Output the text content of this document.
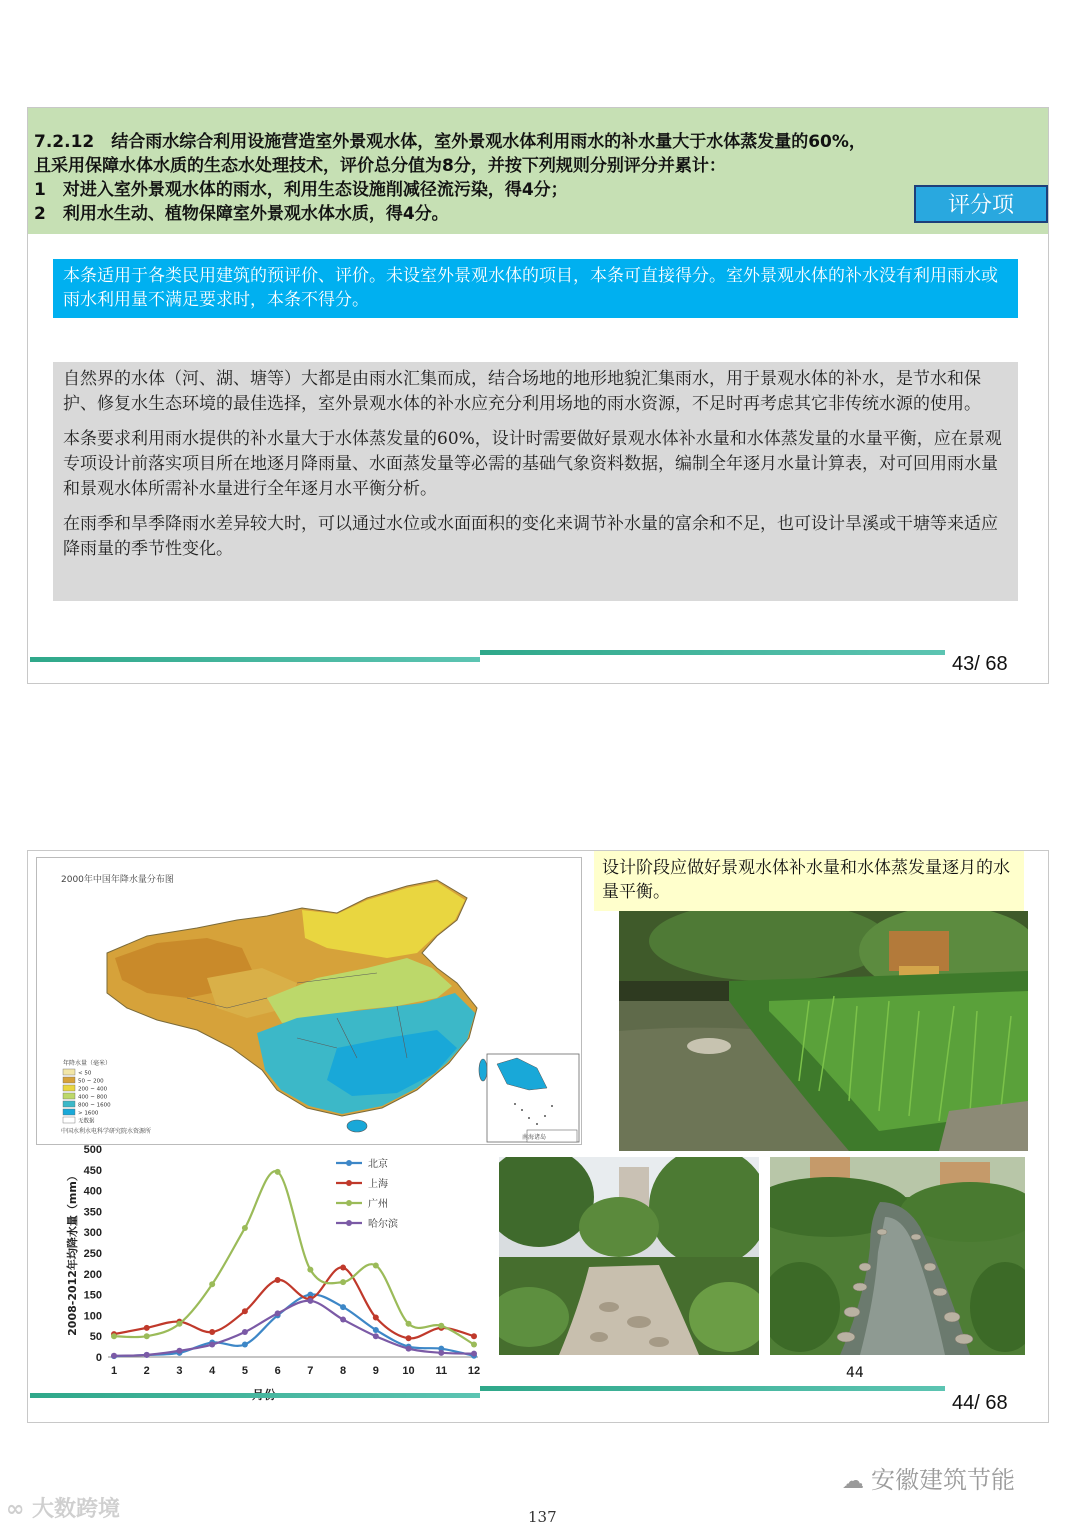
7.2.12　结合雨水综合利用设施营造室外景观水体，室外景观水体利用雨水的补水量大于水体蒸发量的60%，
且采用保障水体水质的生态水处理技术，评价总分值为8分，并按下列规则分别评分并累计：
1　对进入室外景观水体的雨水，利用生态设施削减径流污染，得4分；
2　利用水生动、植物保障室外景观水体水质，得4分。	评分项
本条适用于各类民用建筑的预评价、评价。未设室外景观水体的项目，本条可直接得分。室外景观水体的补水没有利用雨水或雨水利用量不满足要求时，本条不得分。

自然界的水体（河、湖、塘等）大都是由雨水汇集而成，结合场地的地形地貌汇集雨水，用于景观水体的补水，是节水和保护、修复水生态环境的最佳选择，室外景观水体的补水应充分利用场地的雨水资源，不足时再考虑其它非传统水源的使用。

本条要求利用雨水提供的补水量大于水体蒸发量的60%，设计时需要做好景观水体补水量和水体蒸发量的水量平衡，应在景观专项设计前落实项目所在地逐月降雨量、水面蒸发量等必需的基础气象资料数据，编制全年逐月水量计算表，对可回用雨水量和景观水体所需补水量进行全年逐月水平衡分析。

在雨季和旱季降雨水差异较大时，可以通过水位或水面面积的变化来调节补水量的富余和不足，也可设计旱溪或干塘等来适应降雨量的季节性变化。

43/ 68
2000年中国年降水量分布图
年降水量（毫米）
< 50
50 ~ 200
200 ~ 400
400 ~ 800
800 ~ 1600
> 1600
无数据
南海诸岛
中国水利水电科学研究院水资源所
0
50
100
150
200
250
300
350
400
450
500
1 2 3 4 5 6 7 8 9 10 11 12
2008-2012年均降水量（mm）
北京
上海
广州
哈尔滨
设计阶段应做好景观水体补水量和水体蒸发量逐月的水量平衡。
44
44/ 68
☁ 安徽建筑节能
∞ 大数跨境	137
